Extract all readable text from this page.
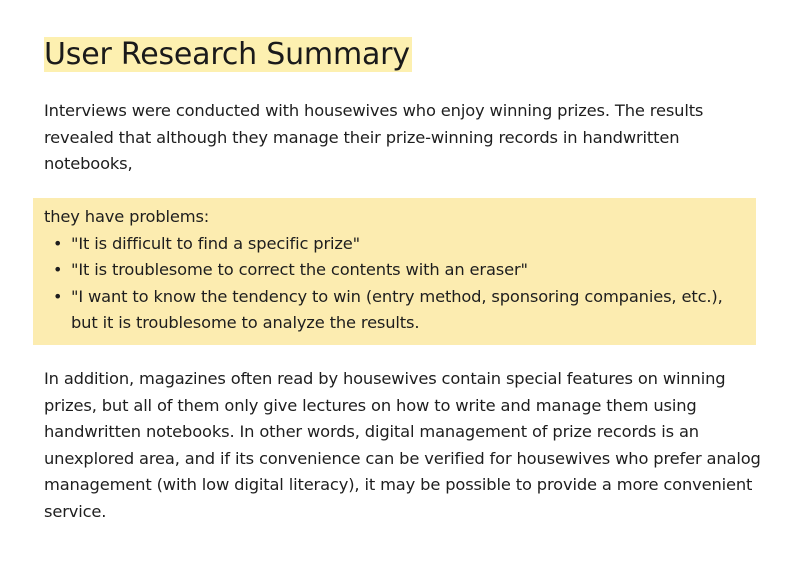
User Research Summary

Interviews were conducted with housewives who enjoy winning prizes. The results revealed that although they manage their prize-winning records in handwritten notebooks,

they have problems:

• "It is difficult to find a specific prize"
• "It is troublesome to correct the contents with an eraser"
• "I want to know the tendency to win (entry method, sponsoring companies, etc.), but it is troublesome to analyze the results.

In addition, magazines often read by housewives contain special features on winning prizes, but all of them only give lectures on how to write and manage them using handwritten notebooks. In other words, digital management of prize records is an unexplored area, and if its convenience can be verified for housewives who prefer analog management (with low digital literacy), it may be possible to provide a more convenient service.
